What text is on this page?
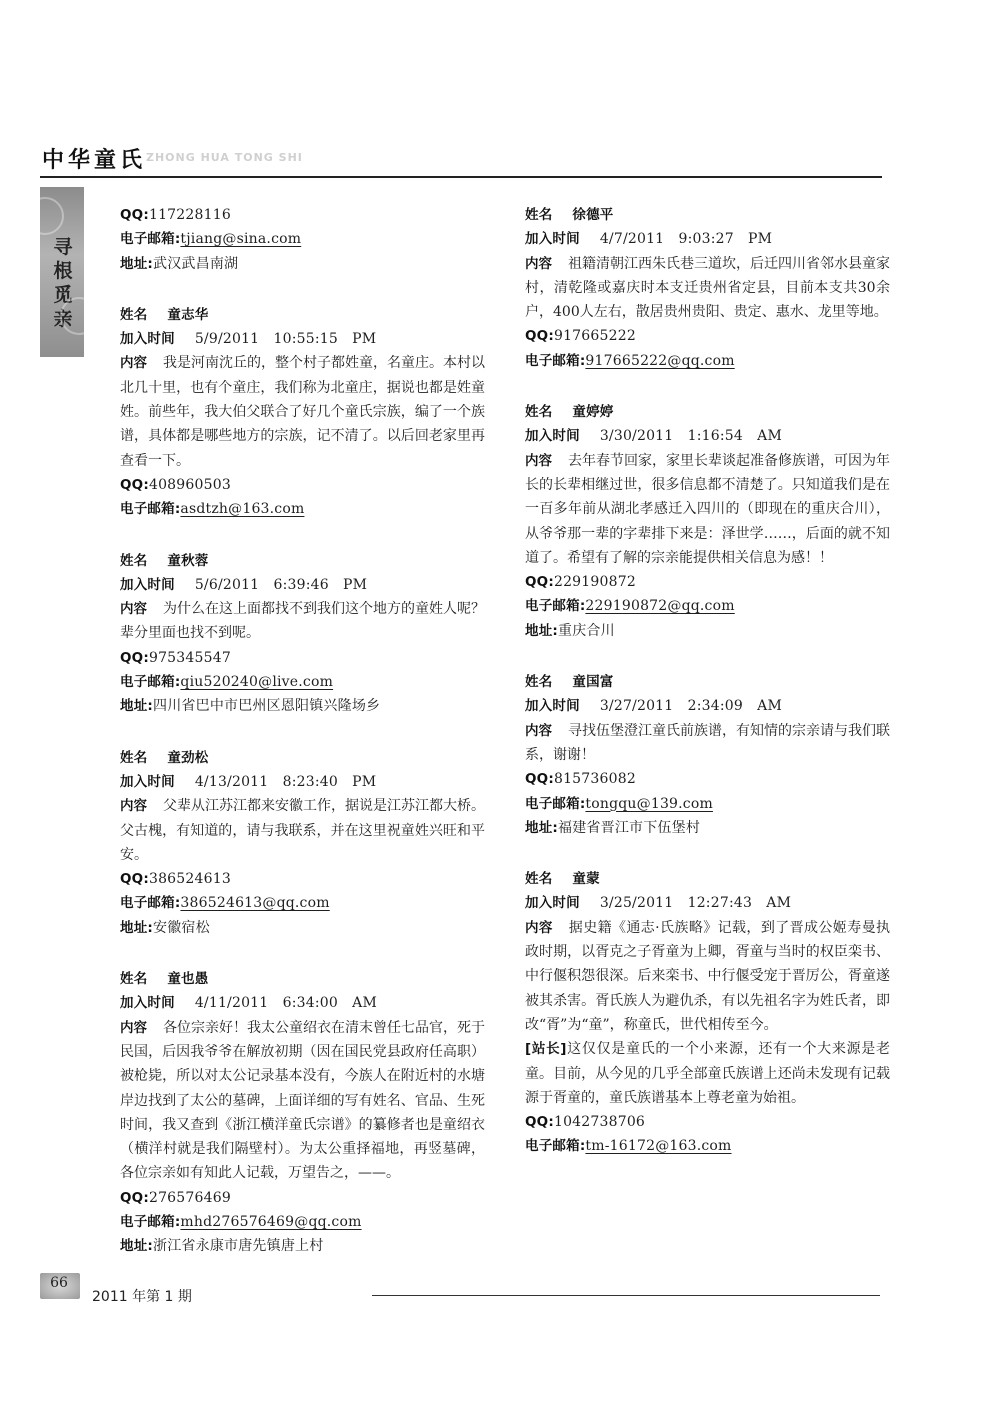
中华童氏 ZHONG HUA TONG SHI
寻根觅亲
QQ:117228116
电子邮箱:tjiang@sina.com
地址:武汉武昌南湖
姓名 童志华
加入时间 5/9/2011　10:55:15　PM
内容 我是河南沈丘的，整个村子都姓童，名童庄。本村以北几十里，也有个童庄，我们称为北童庄，据说也都是姓童姓。前些年，我大伯父联合了好几个童氏宗族，编了一个族谱，具体都是哪些地方的宗族，记不清了。以后回老家里再查看一下。
QQ:408960503
电子邮箱:asdtzh@163.com
姓名 童秋蓉
加入时间 5/6/2011　6:39:46　PM
内容 为什么在这上面都找不到我们这个地方的童姓人呢？辈分里面也找不到呢。
QQ:975345547
电子邮箱:qiu520240@live.com
地址:四川省巴中市巴州区恩阳镇兴隆场乡
姓名 童劲松
加入时间 4/13/2011　8:23:40　PM
内容 父辈从江苏江都来安徽工作，据说是江苏江都大桥。父古槐，有知道的，请与我联系，并在这里祝童姓兴旺和平安。
QQ:386524613
电子邮箱:386524613@qq.com
地址:安徽宿松
姓名 童也愚
加入时间 4/11/2011　6:34:00　AM
内容 各位宗亲好！我太公童绍衣在清末曾任七品官，死于民国，后因我爷爷在解放初期（因在国民党县政府任高职）被枪毙，所以对太公记录基本没有，今族人在附近村的水塘岸边找到了太公的墓碑，上面详细的写有姓名、官品、生死时间，我又查到《浙江横洋童氏宗谱》的纂修者也是童绍衣（横洋村就是我们隔壁村）。为太公重择福地，再竖墓碑，各位宗亲如有知此人记载，万望告之，——。
QQ:276576469
电子邮箱:mhd276576469@qq.com
地址:浙江省永康市唐先镇唐上村
姓名 徐德平
加入时间 4/7/2011　9:03:27　PM
内容 祖籍清朝江西朱氏巷三道坎，后迁四川省邻水县童家村，清乾隆或嘉庆时本支迁贵州省定县，目前本支共30余户，400人左右，散居贵州贵阳、贵定、惠水、龙里等地。
QQ:917665222
电子邮箱:917665222@qq.com
姓名 童婷婷
加入时间 3/30/2011　1:16:54　AM
内容 去年春节回家，家里长辈谈起准备修族谱，可因为年长的长辈相继过世，很多信息都不清楚了。只知道我们是在一百多年前从湖北孝感迁入四川的（即现在的重庆合川），从爷爷那一辈的字辈排下来是：泽世学……，后面的就不知道了。希望有了解的宗亲能提供相关信息为感！！
QQ:229190872
电子邮箱:229190872@qq.com
地址:重庆合川
姓名 童国富
加入时间 3/27/2011　2:34:09　AM
内容 寻找伍堡澄江童氏前族谱，有知情的宗亲请与我们联系，谢谢！
QQ:815736082
电子邮箱:tongqu@139.com
地址:福建省晋江市下伍堡村
姓名 童蒙
加入时间 3/25/2011　12:27:43　AM
内容 据史籍《通志·氏族略》记载，到了晋成公姬寿曼执政时期，以胥克之子胥童为上卿，胥童与当时的权臣栾书、中行偃积怨很深。后来栾书、中行偃受宠于晋厉公，胥童遂被其杀害。胥氏族人为避仇杀，有以先祖名字为姓氏者，即改“胥”为“童”，称童氏，世代相传至今。
[站长]这仅仅是童氏的一个小来源，还有一个大来源是老童。目前，从今见的几乎全部童氏族谱上还尚未发现有记载源于胥童的，童氏族谱基本上尊老童为始祖。
QQ:1042738706
电子邮箱:tm-16172@163.com
66
2011 年第 1 期
